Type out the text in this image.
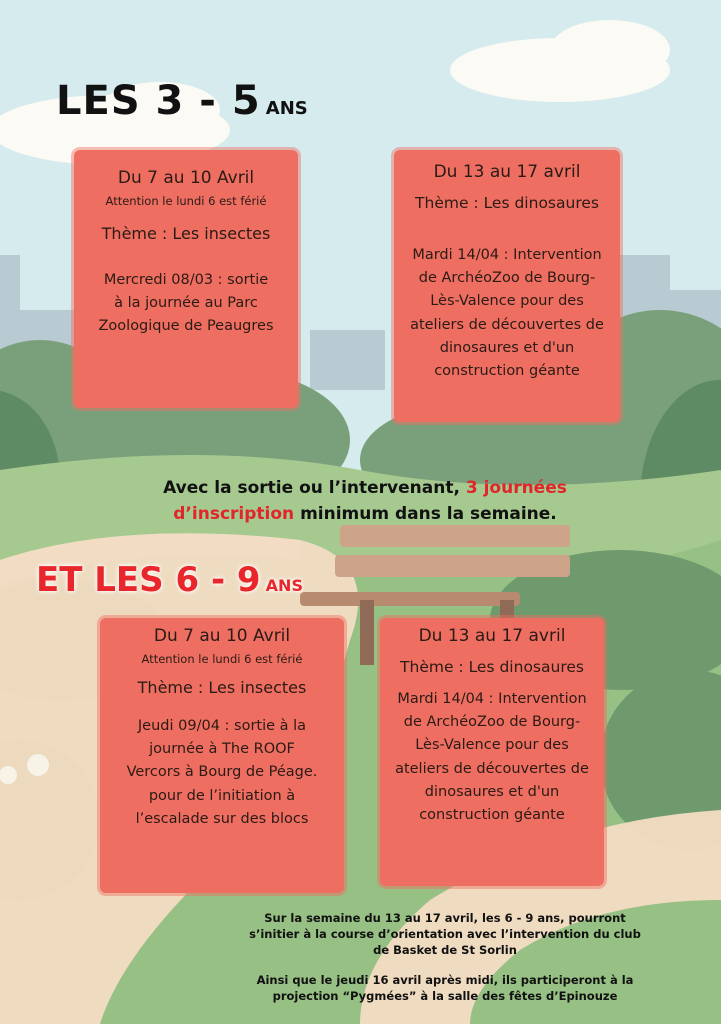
LES 3 - 5 ANS
Du 7 au 10 Avril
Attention le lundi 6 est férié
Thème : Les insectes
Mercredi 08/03 : sortie
à la journée au Parc
Zoologique de Peaugres
Du 13 au 17 avril
Thème : Les dinosaures
Mardi 14/04 : Intervention
de ArchéoZoo de Bourg-
Lès-Valence pour des
ateliers de découvertes de
dinosaures et d'un
construction géante
Avec la sortie ou l’intervenant, 3 journées
d’inscription minimum dans la semaine.
ET LES 6 - 9 ANS
Du 7 au 10 Avril
Attention le lundi 6 est férié
Thème : Les insectes
Jeudi 09/04 : sortie à la
journée à The ROOF
Vercors à Bourg de Péage.
pour de l’initiation à
l’escalade sur des blocs
Du 13 au 17 avril
Thème : Les dinosaures
Mardi 14/04 : Intervention
de ArchéoZoo de Bourg-
Lès-Valence pour des
ateliers de découvertes de
dinosaures et d'un
construction géante
Sur la semaine du 13 au 17 avril, les 6 - 9 ans, pourront
s’initier à la course d’orientation avec l’intervention du club
de Basket de St Sorlin
Ainsi que le jeudi 16 avril après midi, ils participeront à la
projection “Pygmées” à la salle des fêtes d’Epinouze
